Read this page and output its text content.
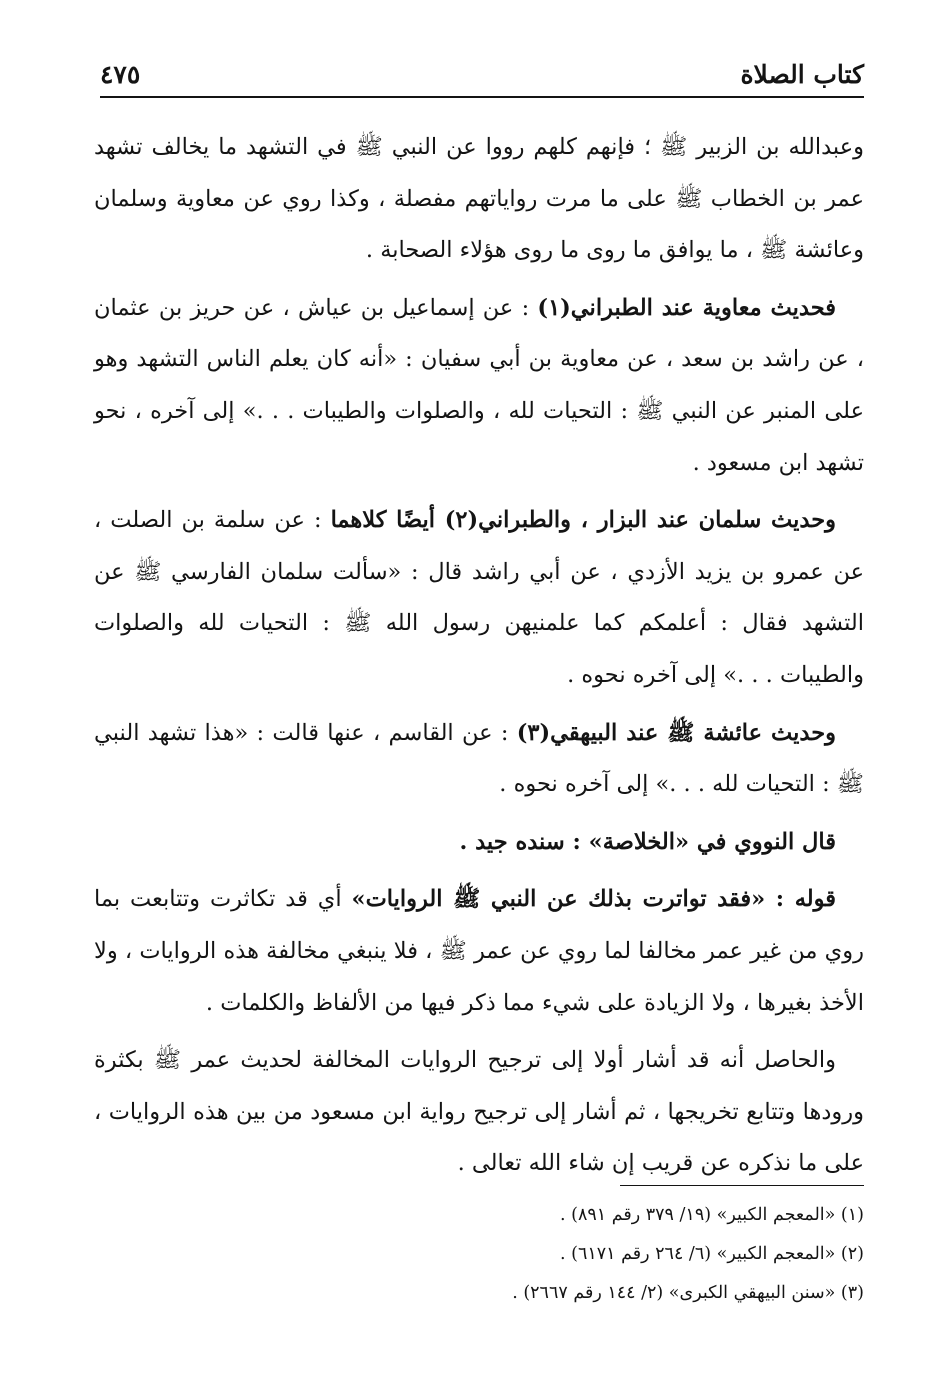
كتاب الصلاة
٤٧٥

وعبدالله بن الزبير ﷺ ؛ فإنهم كلهم رووا عن النبي ﷺ في التشهد ما يخالف تشهد عمر بن الخطاب ﷺ على ما مرت رواياتهم مفصلة ، وكذا روي عن معاوية وسلمان وعائشة ﷺ ، ما يوافق ما روى ما روى هؤلاء الصحابة .

فحديث معاوية عند الطبراني(١) : عن إسماعيل بن عياش ، عن حريز بن عثمان ، عن راشد بن سعد ، عن معاوية بن أبي سفيان : «أنه كان يعلم الناس التشهد وهو على المنبر عن النبي ﷺ : التحيات لله ، والصلوات والطيبات . . .» إلى آخره ، نحو تشهد ابن مسعود .

وحديث سلمان عند البزار ، والطبراني(٢) أيضًا كلاهما : عن سلمة بن الصلت ، عن عمرو بن يزيد الأزدي ، عن أبي راشد قال : «سألت سلمان الفارسي ﷺ عن التشهد فقال : أعلمكم كما علمنيهن رسول الله ﷺ : التحيات لله والصلوات والطيبات . . .» إلى آخره نحوه .

وحديث عائشة ﷺ عند البيهقي(٣) : عن القاسم ، عنها قالت : «هذا تشهد النبي ﷺ : التحيات لله . . .» إلى آخره نحوه .

قال النووي في «الخلاصة» : سنده جيد .

قوله : «فقد تواترت بذلك عن النبي ﷺ الروايات» أي قد تكاثرت وتتابعت بما روي من غير عمر مخالفا لما روي عن عمر ﷺ ، فلا ينبغي مخالفة هذه الروايات ، ولا الأخذ بغيرها ، ولا الزيادة على شيء مما ذكر فيها من الألفاظ والكلمات .

والحاصل أنه قد أشار أولا إلى ترجيح الروايات المخالفة لحديث عمر ﷺ بكثرة ورودها وتتابع تخريجها ، ثم أشار إلى ترجيح رواية ابن مسعود من بين هذه الروايات ، على ما نذكره عن قريب إن شاء الله تعالى .

(١) «المعجم الكبير» (١٩/ ٣٧٩ رقم ٨٩١) .
(٢) «المعجم الكبير» (٦/ ٢٦٤ رقم ٦١٧١) .
(٣) «سنن البيهقي الكبرى» (٢/ ١٤٤ رقم ٢٦٦٧) .
